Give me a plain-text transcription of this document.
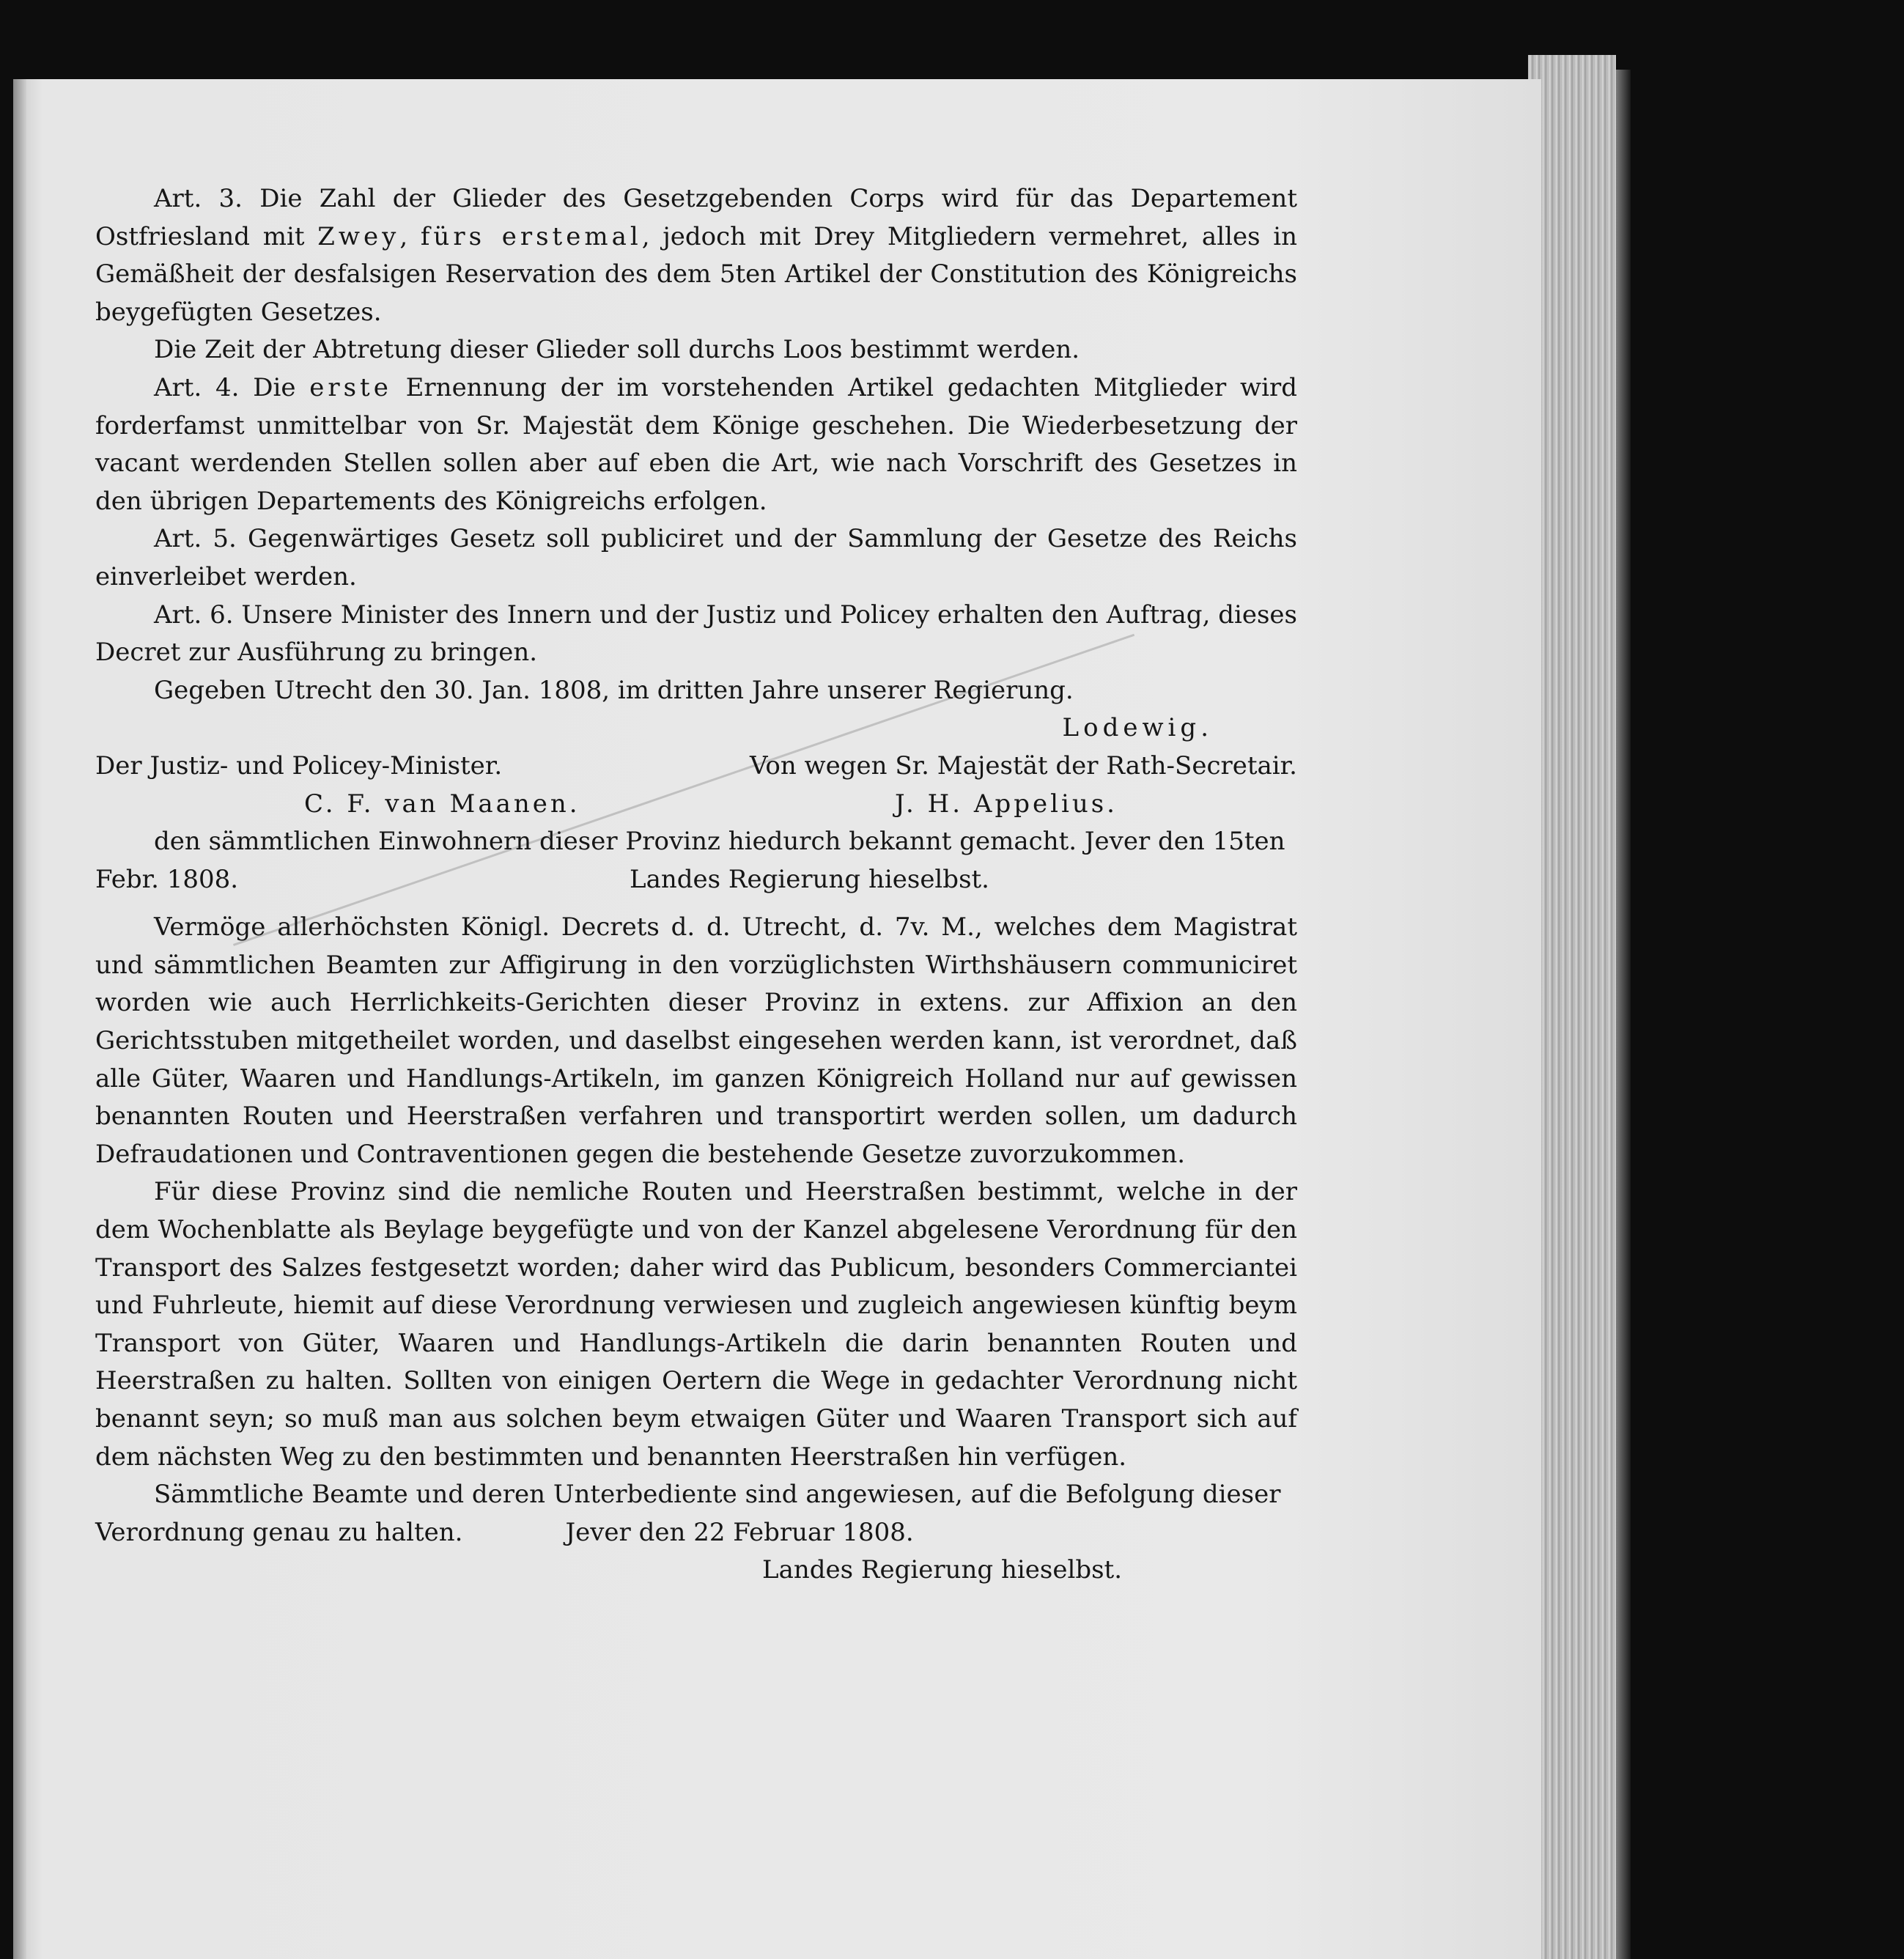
Art. 3. Die Zahl der Glieder des Gesetzgebenden Corps wird für das Departement Ostfriesland mit Zwey, fürs erstemal, jedoch mit Drey Mitgliedern vermehret, alles in Gemäßheit der desfalsigen Reservation des dem 5ten Artikel der Constitution des Königreichs beygefügten Gesetzes.

Die Zeit der Abtretung dieser Glieder soll durchs Loos bestimmt werden.

Art. 4. Die erste Ernennung der im vorstehenden Artikel gedachten Mitglieder wird forderfamst unmittelbar von Sr. Majestät dem Könige geschehen. Die Wiederbesetzung der vacant werdenden Stellen sollen aber auf eben die Art, wie nach Vorschrift des Gesetzes in den übrigen Departements des Königreichs erfolgen.

Art. 5. Gegenwärtiges Gesetz soll publiciret und der Sammlung der Gesetze des Reichs einverleibet werden.

Art. 6. Unsere Minister des Innern und der Justiz und Policey erhalten den Auftrag, dieses Decret zur Ausführung zu bringen.

Gegeben Utrecht den 30. Jan. 1808, im dritten Jahre unserer Regierung.

Lodewig.

Der Justiz- und Policey-Minister.	Von wegen Sr. Majestät der Rath-Secretair.
C. F. van Maanen.	J. H. Appelius.

den sämmtlichen Einwohnern dieser Provinz hiedurch bekannt gemacht. Jever den 15ten

Febr. 1808.	Landes Regierung hieselbst.

Vermöge allerhöchsten Königl. Decrets d. d. Utrecht, d. 7v. M., welches dem Magistrat und sämmtlichen Beamten zur Affigirung in den vorzüglichsten Wirthshäusern communiciret worden wie auch Herrlichkeits-Gerichten dieser Provinz in extens. zur Affixion an den Gerichtsstuben mitgetheilet worden, und daselbst eingesehen werden kann, ist verordnet, daß alle Güter, Waaren und Handlungs-Artikeln, im ganzen Königreich Holland nur auf gewissen benannten Routen und Heerstraßen verfahren und transportirt werden sollen, um dadurch Defraudationen und Contraventionen gegen die bestehende Gesetze zuvorzukommen.

Für diese Provinz sind die nemliche Routen und Heerstraßen bestimmt, welche in der dem Wochenblatte als Beylage beygefügte und von der Kanzel abgelesene Verordnung für den Transport des Salzes festgesetzt worden; daher wird das Publicum, besonders Commerciantei und Fuhrleute, hiemit auf diese Verordnung verwiesen und zugleich angewiesen künftig beym Transport von Güter, Waaren und Handlungs-Artikeln die darin benannten Routen und Heerstraßen zu halten. Sollten von einigen Oertern die Wege in gedachter Verordnung nicht benannt seyn; so muß man aus solchen beym etwaigen Güter und Waaren Transport sich auf dem nächsten Weg zu den bestimmten und benannten Heerstraßen hin verfügen.

Sämmtliche Beamte und deren Unterbediente sind angewiesen, auf die Befolgung dieser

Verordnung genau zu halten.	Jever den 22 Februar 1808.

Landes Regierung hieselbst.
